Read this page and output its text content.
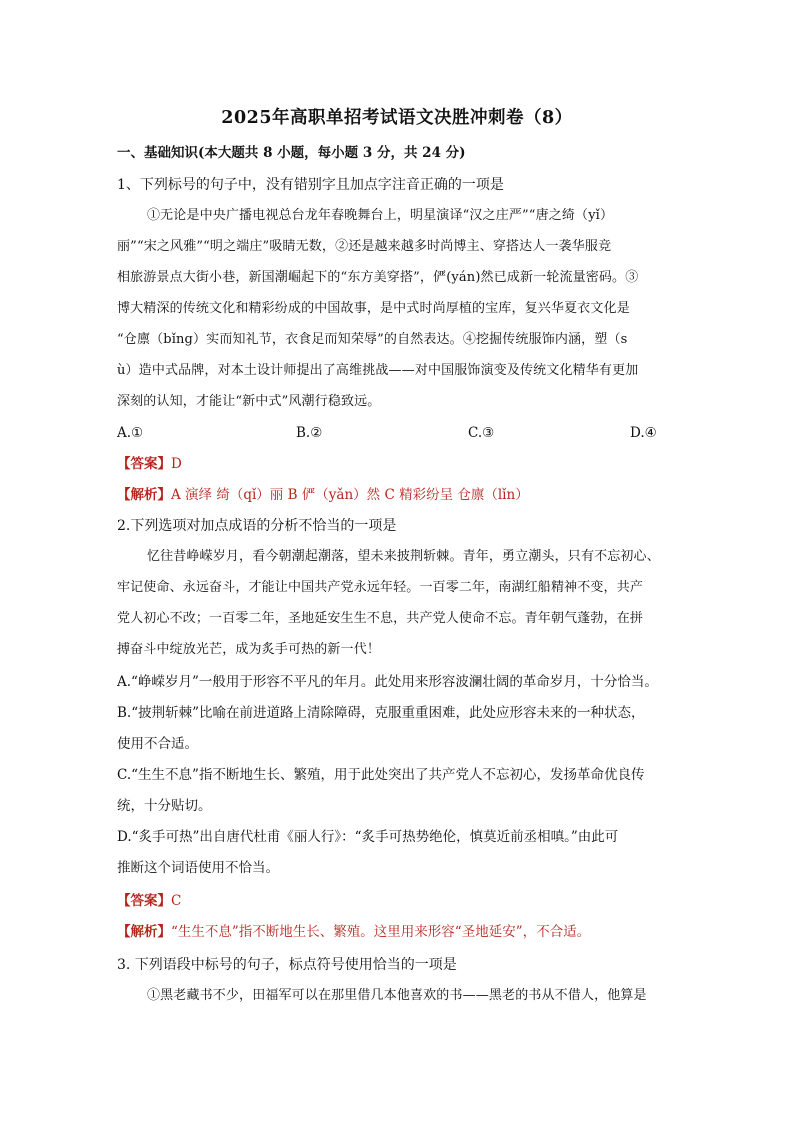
2025年高职单招考试语文决胜冲刺卷（8）
一、基础知识(本大题共 8 小题，每小题 3 分，共 24 分)
1、下列标号的句子中，没有错别字且加点字注音正确的一项是
①无论是中央广播电视总台龙年春晚舞台上，明星演译“汉之庄严”“唐之绮（yǐ）
丽”“宋之风雅”“明之端庄”吸睛无数，②还是越来越多时尚博主、穿搭达人一袭华服竞
相旅游景点大街小巷，新国潮崛起下的“东方美穿搭”，俨(yán)然已成新一轮流量密码。③
博大精深的传统文化和精彩纷成的中国故事，是中式时尚厚植的宝库，复兴华夏衣文化是
“仓廪（bǐng）实而知礼节，衣食足而知荣辱”的自然表达。④挖掘传统服饰内涵，塑（s
ù）造中式品牌，对本土设计师提出了高维挑战——对中国服饰演变及传统文化精华有更加
深刻的认知，才能让“新中式”风潮行稳致远。
A.①	B.②	C.③	D.④
【答案】D
【解析】A 演绎 绮（qǐ）丽 B 俨（yǎn）然 C 精彩纷呈 仓廪（lǐn）
2.下列选项对加点成语的分析不恰当的一项是
忆往昔峥嵘岁月，看今朝潮起潮落，望未来披荆斩棘。青年，勇立潮头，只有不忘初心、
牢记使命、永远奋斗，才能让中国共产党永远年轻。一百零二年，南湖红船精神不变，共产
党人初心不改；一百零二年，圣地延安生生不息，共产党人使命不忘。青年朝气蓬勃，在拼
搏奋斗中绽放光芒，成为炙手可热的新一代！
A.“峥嵘岁月”一般用于形容不平凡的年月。此处用来形容波澜壮阔的革命岁月，十分恰当。
B.“披荆斩棘”比喻在前进道路上清除障碍，克服重重困难，此处应形容未来的一种状态，
使用不合适。
C.“生生不息”指不断地生长、繁殖，用于此处突出了共产党人不忘初心，发扬革命优良传
统，十分贴切。
D.“炙手可热”出自唐代杜甫《丽人行》：“炙手可热势绝伦，慎莫近前丞相嗔。”由此可
推断这个词语使用不恰当。
【答案】C
【解析】“生生不息”指不断地生长、繁殖。这里用来形容“圣地延安”，不合适。
3. 下列语段中标号的句子，标点符号使用恰当的一项是
①黑老藏书不少，田福军可以在那里借几本他喜欢的书——黑老的书从不借人，他算是
